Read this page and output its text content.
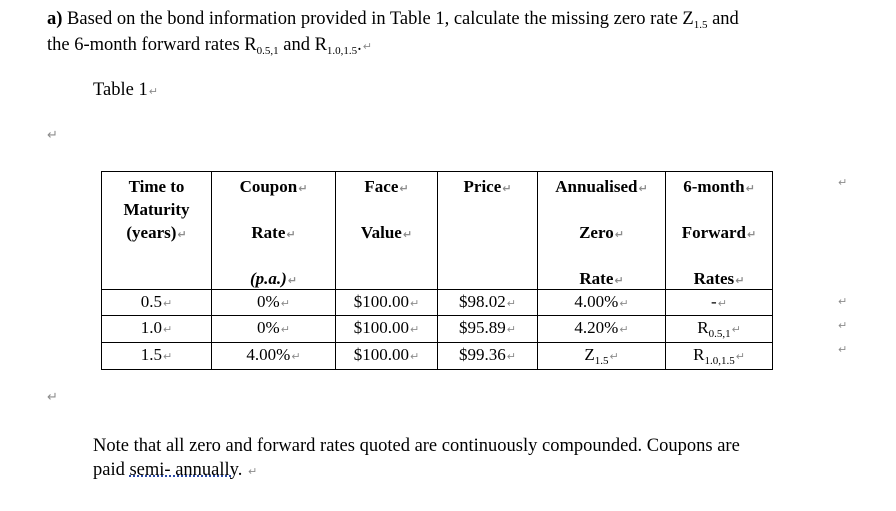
a) Based on the bond information provided in Table 1, calculate the missing zero rate $Z_{1.5}$ and
the 6-month forward rates $R_{0.5,1}$ and $R_{1.0,1.5}.↵$
Table 1↵
↵
Time to
Maturity
(years)↵	Coupon↵
Rate↵
(p.a.)↵	Face↵
Value↵	Price↵	Annualised↵
Zero↵
Rate↵	6-month↵
Forward↵
Rates↵

0.5↵	0%↵	$100.00↵	$98.02↵	4.00%↵	-↵
1.0↵	0%↵	$100.00↵	$95.89↵	4.20%↵	$R_{0.5,1}↵$
1.5↵	4.00%↵	$100.00↵	$99.36↵	$Z_{1.5}↵$	$R_{1.0,1.5}↵$
↵
↵
↵
↵
↵
Note that all zero and forward rates quoted are continuously compounded. Coupons are
paid semi- annually. ↵
